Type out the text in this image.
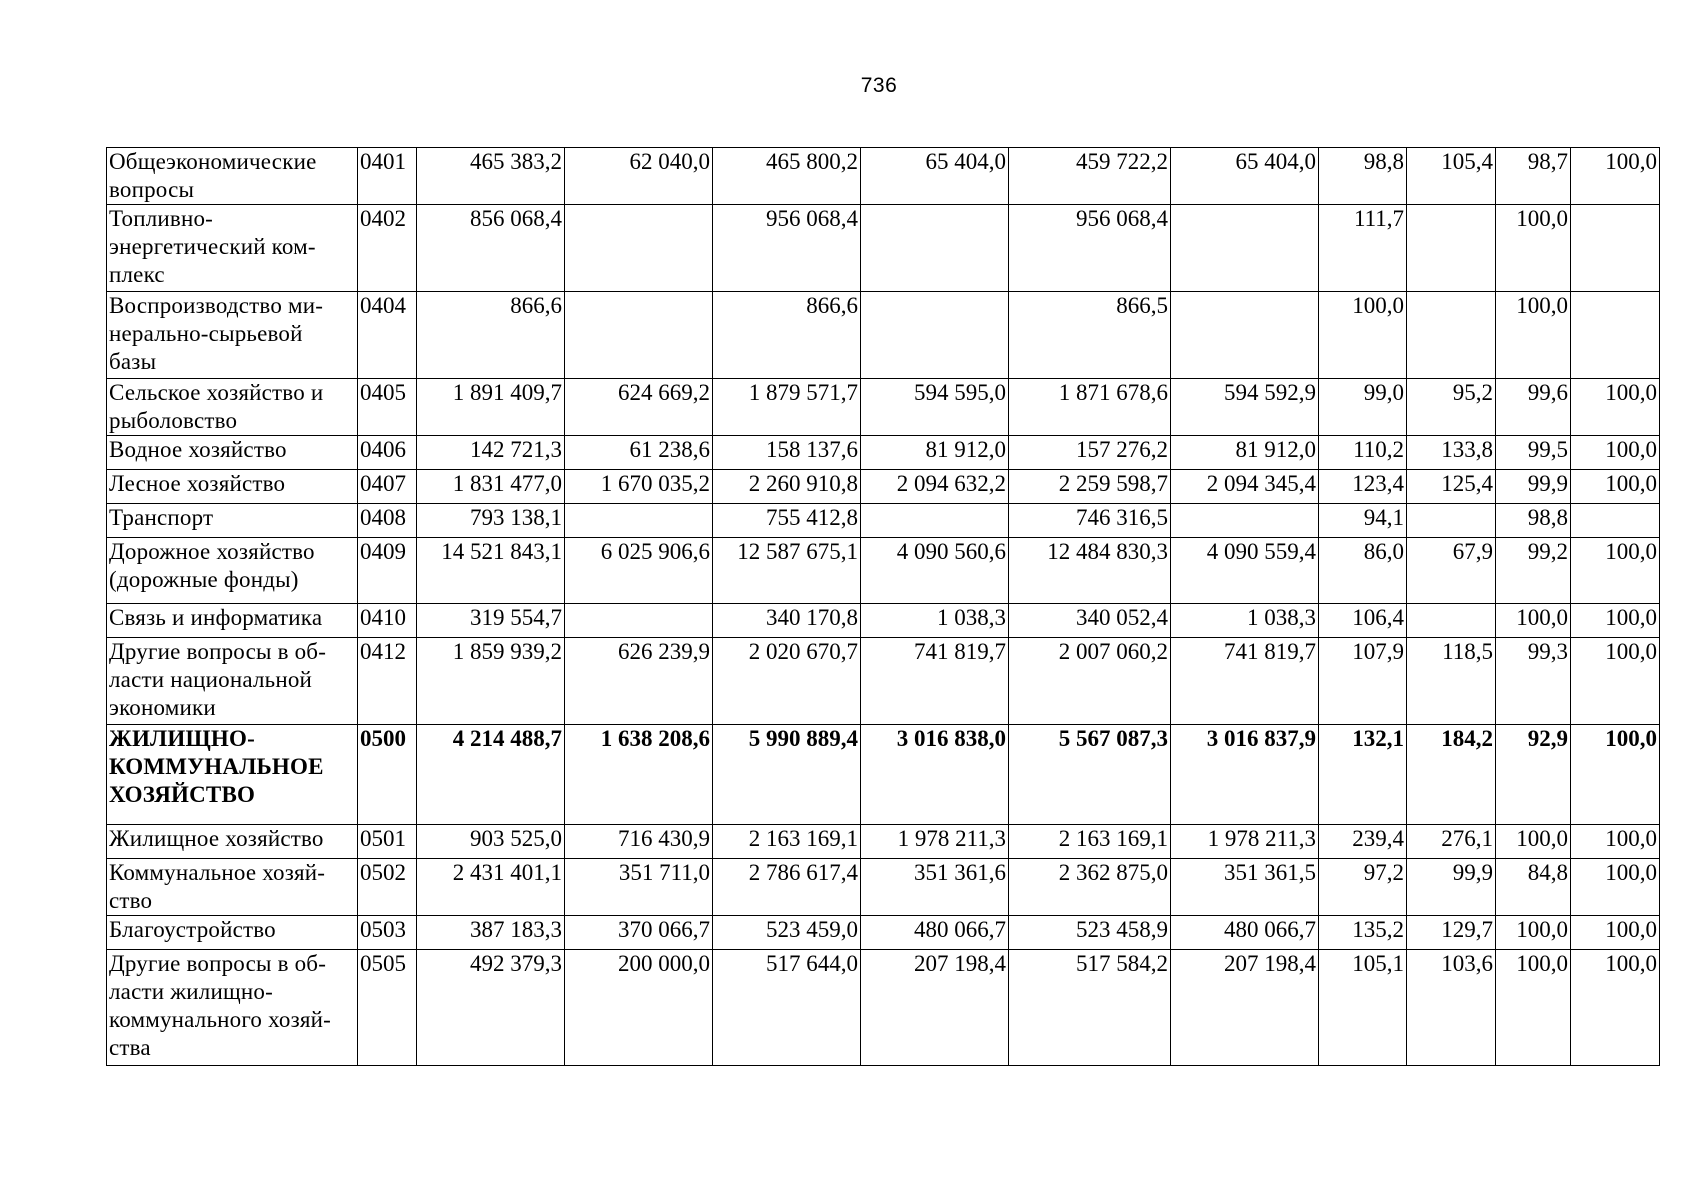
736
Общеэкономические вопросы	0401	465 383,2	62 040,0	465 800,2	65 404,0	459 722,2	65 404,0	98,8	105,4	98,7	100,0
Топливно-энергетический ком-плекс	0402	856 068,4		956 068,4		956 068,4		111,7		100,0	
Воспроизводство ми-нерально-сырьевой базы	0404	866,6		866,6		866,5		100,0		100,0	
Сельское хозяйство и рыболовство	0405	1 891 409,7	624 669,2	1 879 571,7	594 595,0	1 871 678,6	594 592,9	99,0	95,2	99,6	100,0
Водное хозяйство	0406	142 721,3	61 238,6	158 137,6	81 912,0	157 276,2	81 912,0	110,2	133,8	99,5	100,0
Лесное хозяйство	0407	1 831 477,0	1 670 035,2	2 260 910,8	2 094 632,2	2 259 598,7	2 094 345,4	123,4	125,4	99,9	100,0
Транспорт	0408	793 138,1		755 412,8		746 316,5		94,1		98,8	
Дорожное хозяйство (дорожные фонды)	0409	14 521 843,1	6 025 906,6	12 587 675,1	4 090 560,6	12 484 830,3	4 090 559,4	86,0	67,9	99,2	100,0
Связь и информатика	0410	319 554,7		340 170,8	1 038,3	340 052,4	1 038,3	106,4		100,0	100,0
Другие вопросы в об-ласти национальной экономики	0412	1 859 939,2	626 239,9	2 020 670,7	741 819,7	2 007 060,2	741 819,7	107,9	118,5	99,3	100,0
ЖИЛИЩНО-КОММУНАЛЬНОЕ ХОЗЯЙСТВО	0500	4 214 488,7	1 638 208,6	5 990 889,4	3 016 838,0	5 567 087,3	3 016 837,9	132,1	184,2	92,9	100,0
Жилищное хозяйство	0501	903 525,0	716 430,9	2 163 169,1	1 978 211,3	2 163 169,1	1 978 211,3	239,4	276,1	100,0	100,0
Коммунальное хозяй-ство	0502	2 431 401,1	351 711,0	2 786 617,4	351 361,6	2 362 875,0	351 361,5	97,2	99,9	84,8	100,0
Благоустройство	0503	387 183,3	370 066,7	523 459,0	480 066,7	523 458,9	480 066,7	135,2	129,7	100,0	100,0
Другие вопросы в об-ласти жилищно-коммунального хозяй-ства	0505	492 379,3	200 000,0	517 644,0	207 198,4	517 584,2	207 198,4	105,1	103,6	100,0	100,0
